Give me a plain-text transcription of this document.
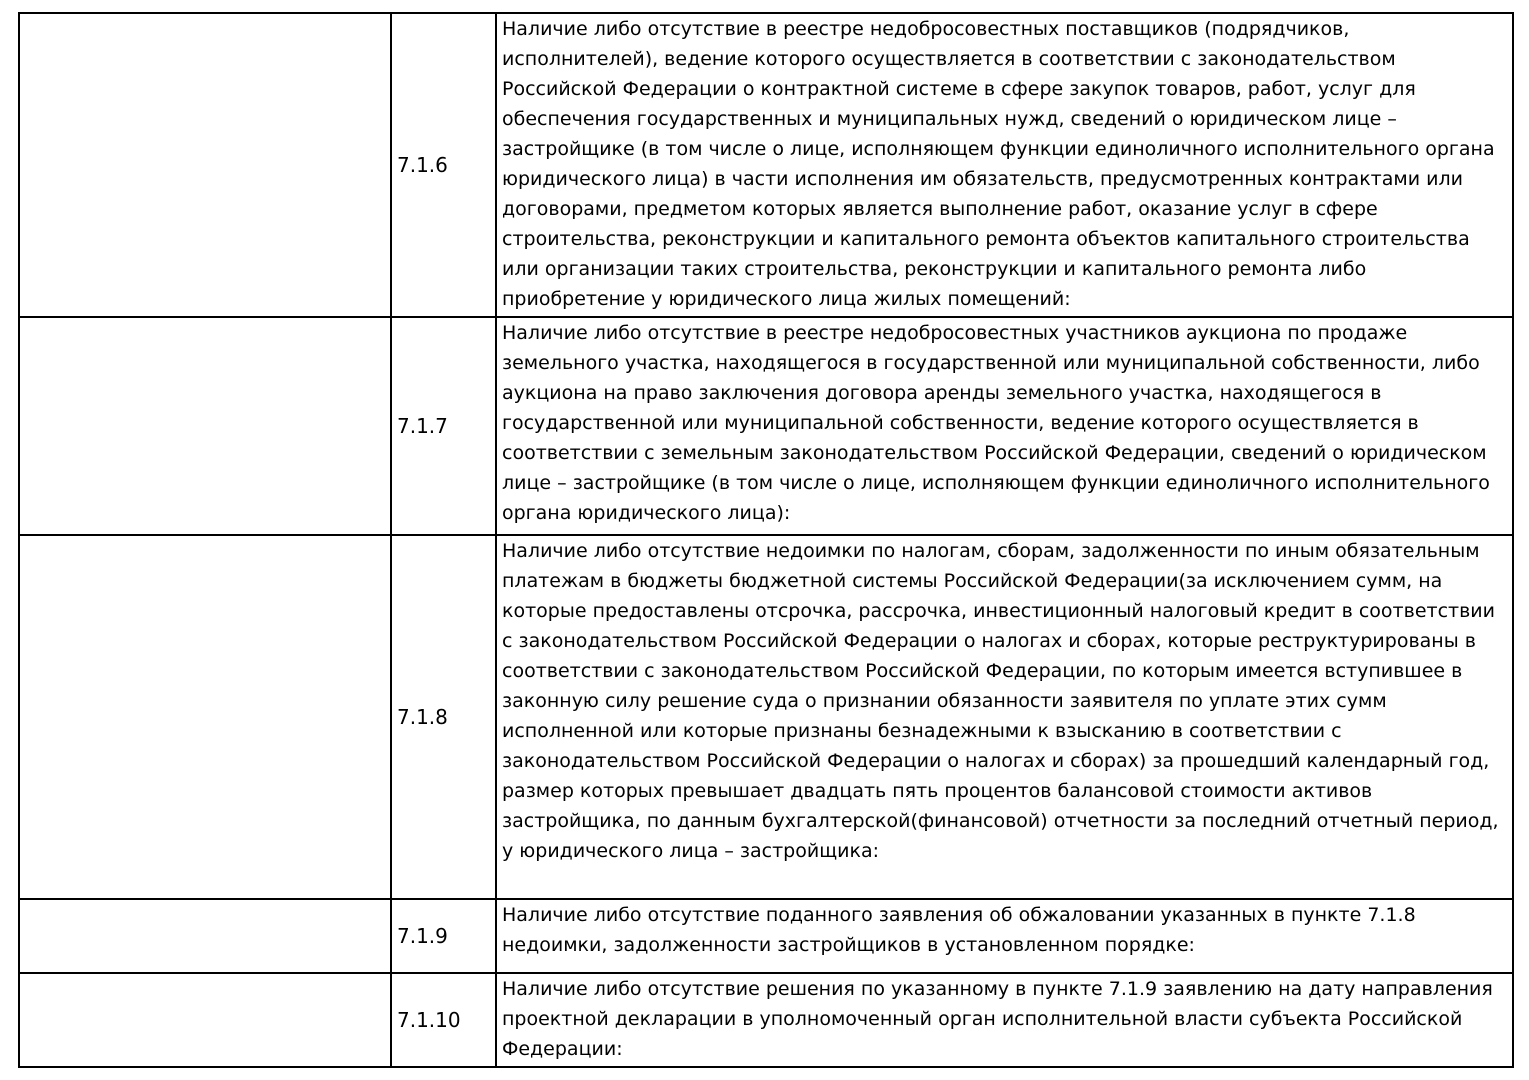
	7.1.6	Наличие либо отсутствие в реестре недобросовестных поставщиков (подрядчиков, исполнителей), ведение которого осуществляется в соответствии с законодательством Российской Федерации о контрактной системе в сфере закупок товаров, работ, услуг для обеспечения государственных и муниципальных нужд, сведений о юридическом лице – застройщике (в том числе о лице, исполняющем функции единоличного исполнительного органа юридического лица) в части исполнения им обязательств, предусмотренных контрактами или договорами, предметом которых является выполнение работ, оказание услуг в сфере строительства, реконструкции и капитального ремонта объектов капитального строительства или организации таких строительства, реконструкции и капитального ремонта либо приобретение у юридического лица жилых помещений:
	7.1.7	Наличие либо отсутствие в реестре недобросовестных участников аукциона по продаже земельного участка, находящегося в государственной или муниципальной собственности, либо аукциона на право заключения договора аренды земельного участка, находящегося в государственной или муниципальной собственности, ведение которого осуществляется в соответствии с земельным законодательством Российской Федерации, сведений о юридическом лице – застройщике (в том числе о лице, исполняющем функции единоличного исполнительного органа юридического лица):
	7.1.8	Наличие либо отсутствие недоимки по налогам, сборам, задолженности по иным обязательным платежам в бюджеты бюджетной системы Российской Федерации(за исключением сумм, на которые предоставлены отсрочка, рассрочка, инвестиционный налоговый кредит в соответствии с законодательством Российской Федерации о налогах и сборах, которые реструктурированы в соответствии с законодательством Российской Федерации, по которым имеется вступившее в законную силу решение суда о признании обязанности заявителя по уплате этих сумм исполненной или которые признаны безнадежными к взысканию в соответствии с законодательством Российской Федерации о налогах и сборах) за прошедший календарный год, размер которых превышает двадцать пять процентов балансовой стоимости активов застройщика, по данным бухгалтерской(финансовой) отчетности за последний отчетный период, у юридического лица – застройщика:
	7.1.9	Наличие либо отсутствие поданного заявления об обжаловании указанных в пункте 7.1.8 недоимки, задолженности застройщиков в установленном порядке:
	7.1.10	Наличие либо отсутствие решения по указанному в пункте 7.1.9 заявлению на дату направления проектной декларации в уполномоченный орган исполнительной власти субъекта Российской Федерации:
